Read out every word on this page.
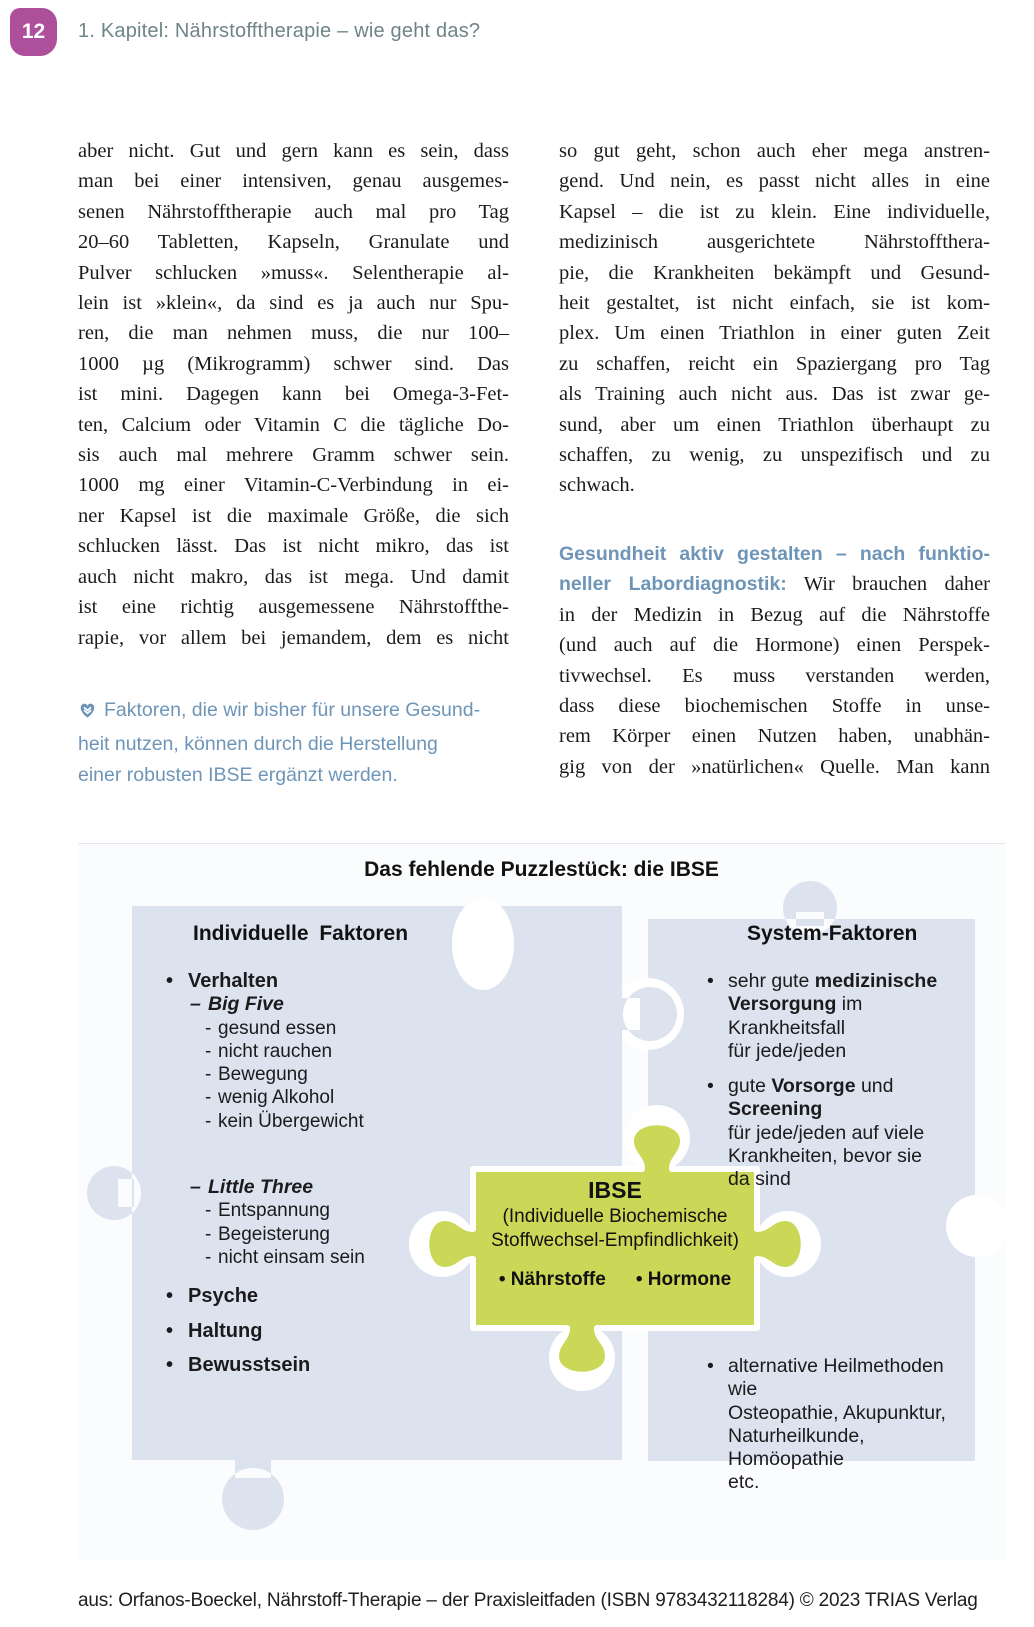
12	1. Kapitel: Nährstofftherapie – wie geht das?
aber nicht. Gut und gern kann es sein, dass
man bei einer intensiven, genau ausgemes-
senen Nährstofftherapie auch mal pro Tag
20–60 Tabletten, Kapseln, Granulate und
Pulver schlucken »muss«. Selentherapie al-
lein ist »klein«, da sind es ja auch nur Spu-
ren, die man nehmen muss, die nur 100–
1000 µg (Mikrogramm) schwer sind. Das
ist mini. Dagegen kann bei Omega-3-Fet-
ten, Calcium oder Vitamin C die tägliche Do-
sis auch mal mehrere Gramm schwer sein.
1000 mg einer Vitamin-C-Verbindung in ei-
ner Kapsel ist die maximale Größe, die sich
schlucken lässt. Das ist nicht mikro, das ist
auch nicht makro, das ist mega. Und damit
ist eine richtig ausgemessene Nährstoffthe-
rapie, vor allem bei jemandem, dem es nicht
Faktoren, die wir bisher für unsere Gesund-
heit nutzen, können durch die Herstellung
einer robusten IBSE ergänzt werden.
so gut geht, schon auch eher mega anstren-
gend. Und nein, es passt nicht alles in eine
Kapsel – die ist zu klein. Eine individuelle,
medizinisch ausgerichtete Nährstoffthera-
pie, die Krankheiten bekämpft und Gesund-
heit gestaltet, ist nicht einfach, sie ist kom-
plex. Um einen Triathlon in einer guten Zeit
zu schaffen, reicht ein Spaziergang pro Tag
als Training auch nicht aus. Das ist zwar ge-
sund, aber um einen Triathlon überhaupt zu
schaffen, zu wenig, zu unspezifisch und zu
schwach.
Gesundheit aktiv gestalten – nach funktio-
neller Labordiagnostik: Wir brauchen daher
in der Medizin in Bezug auf die Nährstoffe
(und auch auf die Hormone) einen Perspek-
tivwechsel. Es muss verstanden werden,
dass diese biochemischen Stoffe in unse-
rem Körper einen Nutzen haben, unabhän-
gig von der »natürlichen« Quelle. Man kann
Das fehlende Puzzlestück: die IBSE
Individuelle Faktoren	System-Faktoren
• Verhalten
– Big Five
- gesund essen
- nicht rauchen
- Bewegung
- wenig Alkohol
- kein Übergewicht
– Little Three
- Entspannung
- Begeisterung
- nicht einsam sein
• Psyche
• Haltung
• Bewusstsein
• sehr gute medizinische
Versorgung im Krankheitsfall
für jede/jeden
• gute Vorsorge und Screening
für jede/jeden auf viele
Krankheiten, bevor sie
da sind
• alternative Heilmethoden wie
Osteopathie, Akupunktur,
Naturheilkunde, Homöopathie
etc.
IBSE
(Individuelle Biochemische
Stoffwechsel-Empfindlichkeit)
• Nährstoffe • Hormone
aus: Orfanos-Boeckel, Nährstoff-Therapie – der Praxisleitfaden (ISBN 9783432118284) © 2023 TRIAS Verlag
